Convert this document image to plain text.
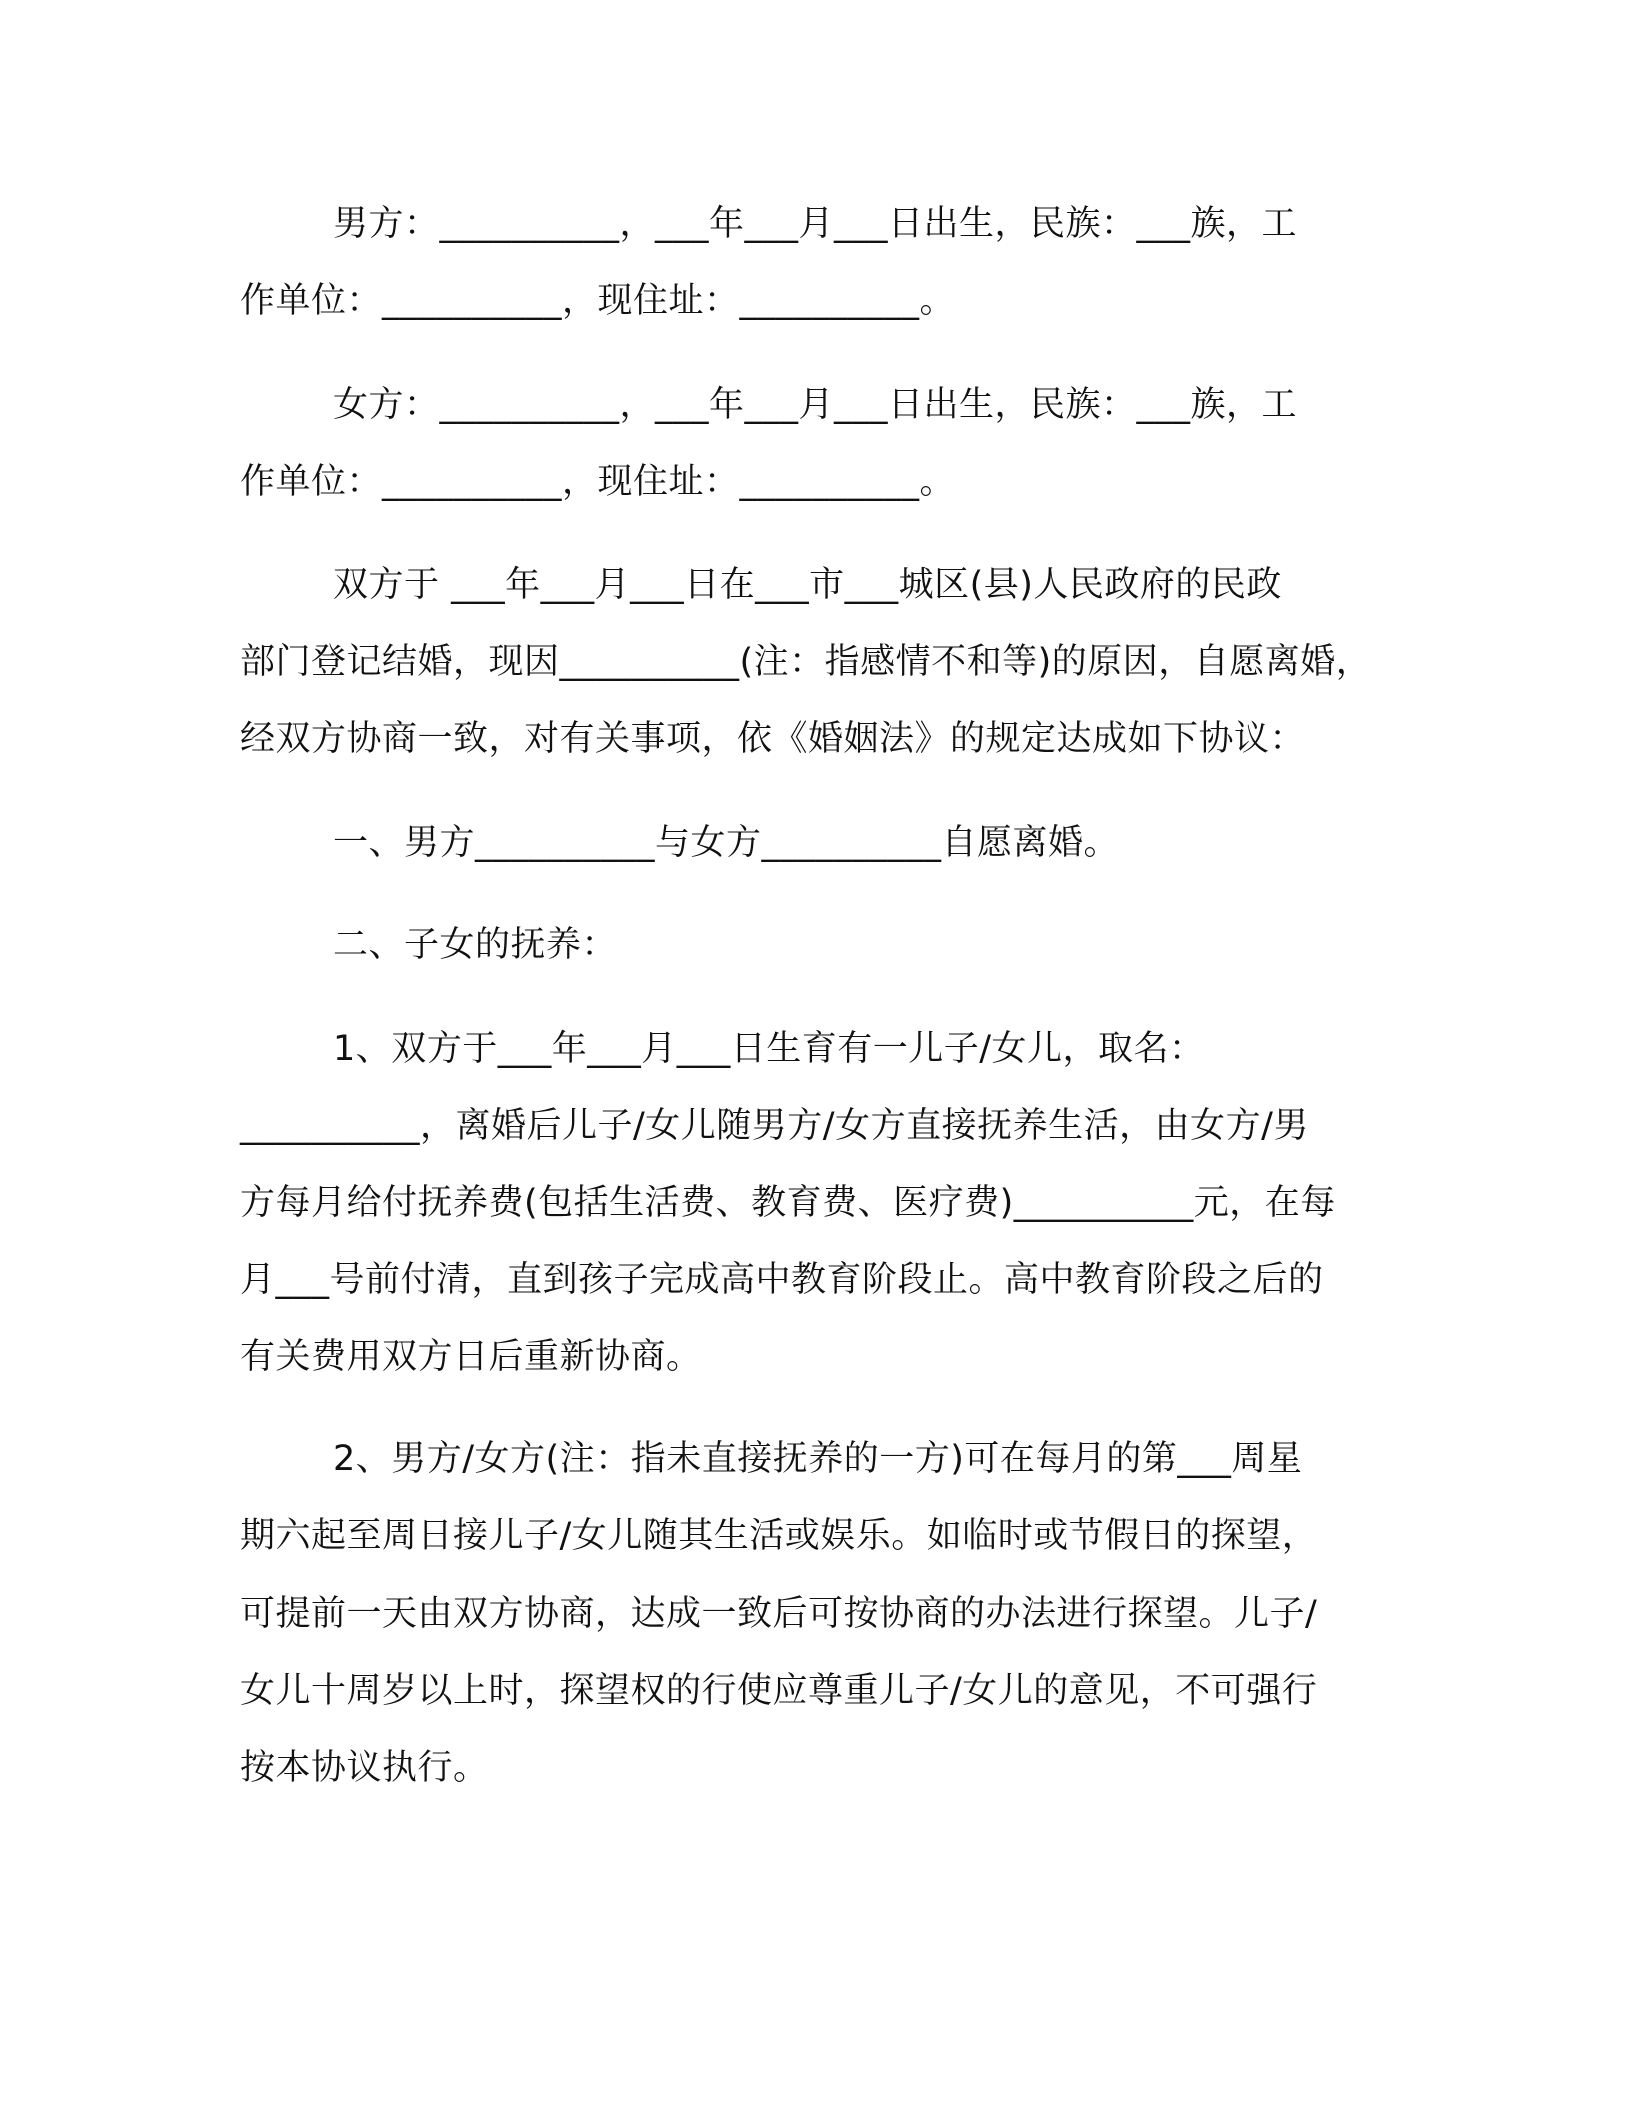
男方：__________，___年___月___日出生，民族：___族，工

作单位：__________，现住址：__________。

女方：__________，___年___月___日出生，民族：___族，工

作单位：__________，现住址：__________。

双方于 ___年___月___日在___市___城区(县)人民政府的民政

部门登记结婚，现因__________(注：指感情不和等)的原因，自愿离婚，

经双方协商一致，对有关事项，依《婚姻法》的规定达成如下协议：

一、男方__________与女方__________自愿离婚。

二、子女的抚养：

1、双方于___年___月___日生育有一儿子/女儿，取名：

__________，离婚后儿子/女儿随男方/女方直接抚养生活，由女方/男

方每月给付抚养费(包括生活费、教育费、医疗费)__________元，在每

月___号前付清，直到孩子完成高中教育阶段止。高中教育阶段之后的

有关费用双方日后重新协商。

2、男方/女方(注：指未直接抚养的一方)可在每月的第___周星

期六起至周日接儿子/女儿随其生活或娱乐。如临时或节假日的探望，

可提前一天由双方协商，达成一致后可按协商的办法进行探望。儿子/

女儿十周岁以上时，探望权的行使应尊重儿子/女儿的意见，不可强行

按本协议执行。
